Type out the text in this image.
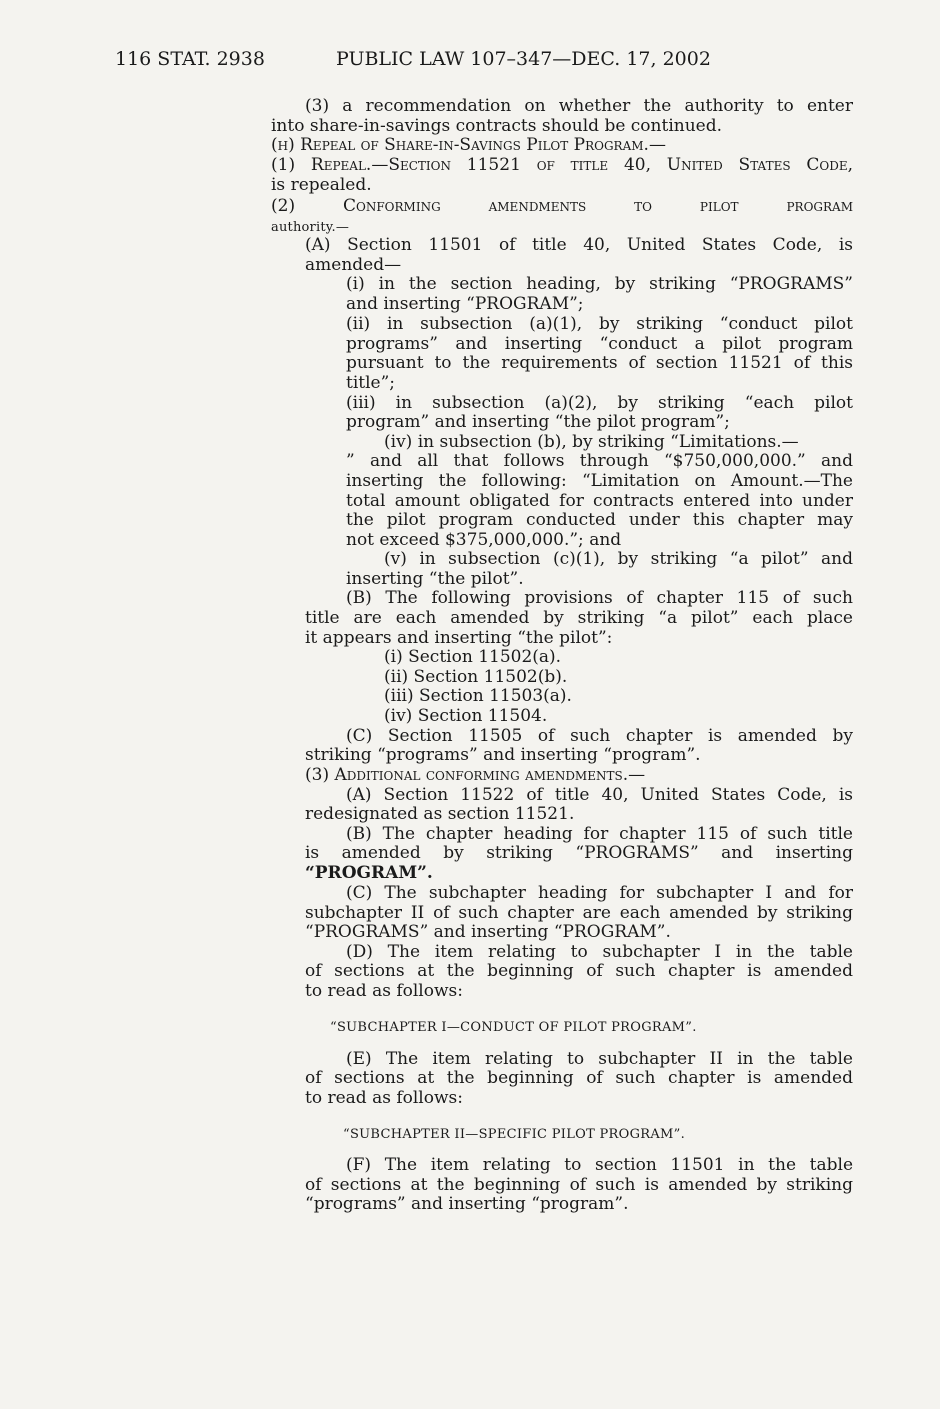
116 STAT. 2938	PUBLIC LAW 107–347—DEC. 17, 2002
(3) a recommendation on whether the authority to enter
into share-in-savings contracts should be continued.
(h) Repeal of Share-in-Savings Pilot Program.—
(1) Repeal.—Section 11521 of title 40, United States Code,
is repealed.
(2) Conforming amendments to pilot program
authority.—
(A) Section 11501 of title 40, United States Code, is
amended—
(i) in the section heading, by striking “PROGRAMS”
and inserting “PROGRAM”;
(ii) in subsection (a)(1), by striking “conduct pilot
programs” and inserting “conduct a pilot program
pursuant to the requirements of section 11521 of this
title”;
(iii) in subsection (a)(2), by striking “each pilot
program” and inserting “the pilot program”;
(iv) in subsection (b), by striking “Limitations.—
” and all that follows through “$750,000,000.” and
inserting the following: “Limitation on Amount.—The
total amount obligated for contracts entered into under
the pilot program conducted under this chapter may
not exceed $375,000,000.”; and
(v) in subsection (c)(1), by striking “a pilot” and
inserting “the pilot”.
(B) The following provisions of chapter 115 of such
title are each amended by striking “a pilot” each place
it appears and inserting “the pilot”:
(i) Section 11502(a).
(ii) Section 11502(b).
(iii) Section 11503(a).
(iv) Section 11504.
(C) Section 11505 of such chapter is amended by
striking “programs” and inserting “program”.
(3) Additional conforming amendments.—
(A) Section 11522 of title 40, United States Code, is
redesignated as section 11521.
(B) The chapter heading for chapter 115 of such title
is amended by striking “PROGRAMS” and inserting
“PROGRAM”.
(C) The subchapter heading for subchapter I and for
subchapter II of such chapter are each amended by striking
“PROGRAMS” and inserting “PROGRAM”.
(D) The item relating to subchapter I in the table
of sections at the beginning of such chapter is amended
to read as follows:
“SUBCHAPTER I—CONDUCT OF PILOT PROGRAM”.
(E) The item relating to subchapter II in the table
of sections at the beginning of such chapter is amended
to read as follows:
“SUBCHAPTER II—SPECIFIC PILOT PROGRAM”.
(F) The item relating to section 11501 in the table
of sections at the beginning of such is amended by striking
“programs” and inserting “program”.
